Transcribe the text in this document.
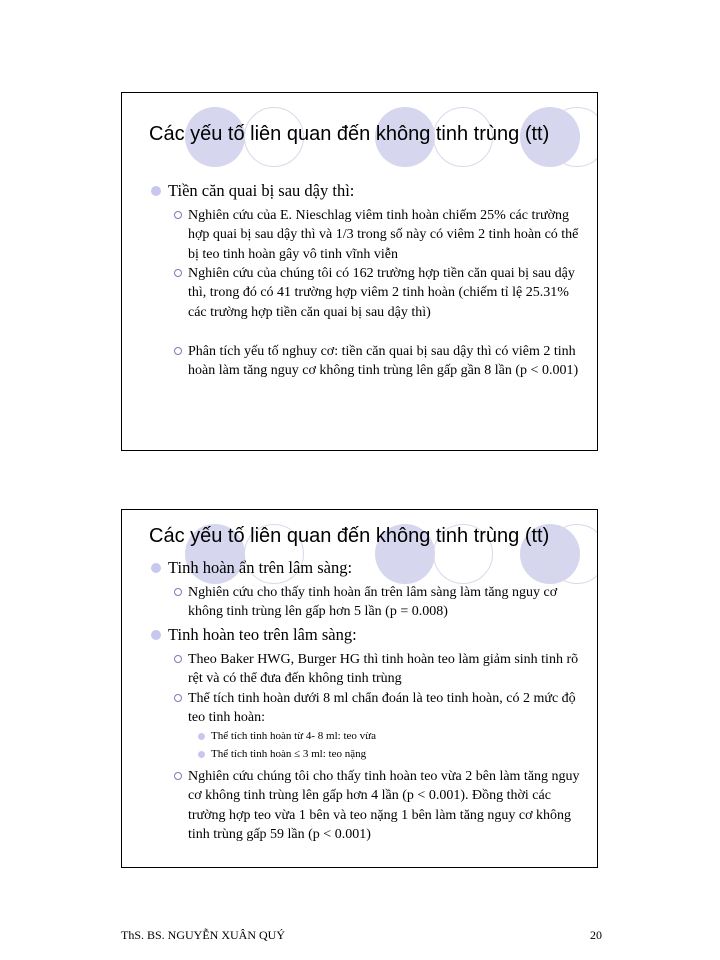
Các yếu tố liên quan đến không tinh trùng (tt)
Tiền căn quai bị sau dậy thì:
Nghiên cứu của E. Nieschlag viêm tinh hoàn chiếm 25% các trường hợp quai bị sau dậy thì và 1/3 trong số này có viêm 2 tinh hoàn có thể bị teo tinh hoàn gây vô tinh vĩnh viễn
Nghiên cứu của chúng tôi có 162 trường hợp tiền căn quai bị sau dậy thì, trong đó có 41 trường hợp viêm 2 tinh hoàn (chiếm tỉ lệ 25.31% các trường hợp tiền căn quai bị sau dậy thì)
Phân tích yếu tố nghuy cơ: tiền căn quai bị sau dậy thì có viêm 2 tinh hoàn làm tăng nguy cơ không tinh trùng lên gấp gần 8 lần (p < 0.001)
Các yếu tố liên quan đến không tinh trùng (tt)
Tinh hoàn ẩn trên lâm sàng:
Nghiên cứu cho thấy tinh hoàn ẩn trên lâm sàng làm tăng nguy cơ không tinh trùng lên gấp hơn 5 lần (p = 0.008)
Tinh hoàn teo trên lâm sàng:
Theo Baker HWG, Burger HG thì tinh hoàn teo làm giảm sinh tinh rõ rệt và có thể đưa đến không tinh trùng
Thể tích tinh hoàn dưới 8 ml chẩn đoán là teo tinh hoàn, có 2 mức độ teo tinh hoàn:
Thể tích tinh hoàn từ 4- 8 ml: teo vừa
Thể tích tinh hoàn ≤ 3 ml: teo nặng
Nghiên cứu chúng tôi cho thấy tinh hoàn teo vừa 2 bên làm tăng nguy cơ không tinh trùng lên gấp hơn 4 lần (p < 0.001). Đồng thời các trường hợp teo vừa 1 bên và teo nặng 1 bên làm tăng nguy cơ không tinh trùng gấp 59 lần (p < 0.001)
ThS. BS. NGUYỄN XUÂN QUÝ	20
